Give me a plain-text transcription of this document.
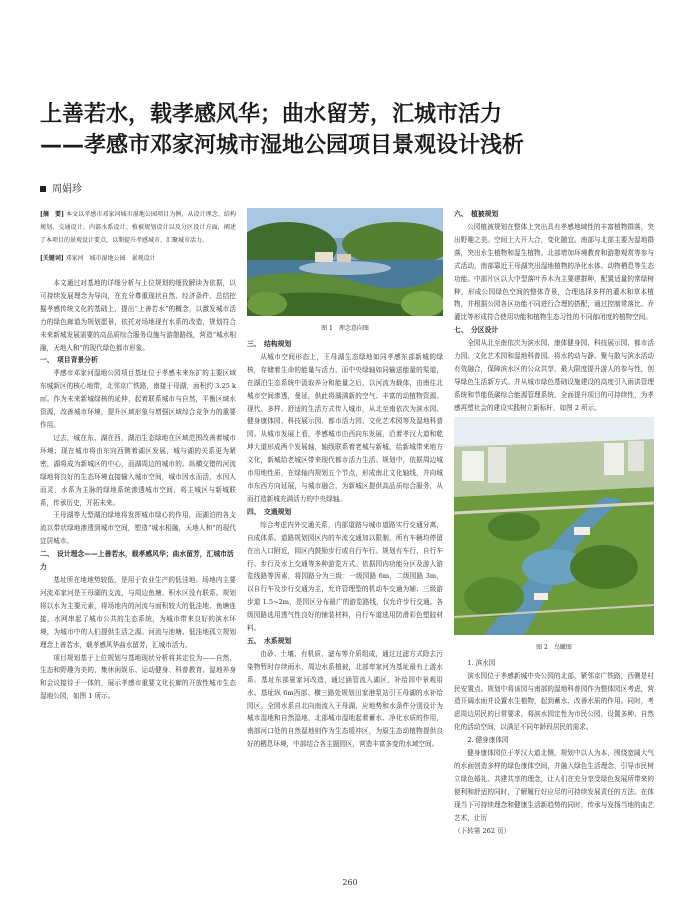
上善若水，载孝感风华；曲水留芳，汇城市活力
——孝感市邓家河城市湿地公园项目景观设计浅析
周娟珍

[摘　要] 本文以孝感市邓家河城市湿地公园项目为例，从设计理念、结构规划、交通设计、内部水系设计、植被规划设计以及分区设计方面，阐述了本项目的景观设计要点，以期提升孝感城市、汇聚城市活力。

[关键词] 邓家河　城市湿地公园　景观设计

本文通过对基地的详细分析与上位规划的细致解读为依据，以可持续发展理念为导向，在充分尊重现状自然、经济条件、总结挖掘孝感传统文化的基础上，提出“上善若水”的概念，以激发城市活力的绿色廊道为规划愿景，依托对场地现有水系的改造，规划符合未来新城发展需要的高品质综合服务设施与游憩路线，营造“城水相融，天地人和”的现代绿色都市形象。

一、　项目背景分析

孝感市邓家河湿地公园项目基址位于孝感未来东扩的主要区域东城新区的核心地带，北邻京广铁路，南接于母湖，面积约 3.25 k㎡。作为未来新城绿核的延伸，起着联系城市与自然，平衡区域水资源，改善城市环境，提升区域形象与增强区域综合竞争力的重要作用。

过去，城在东、湖在西，湖泊生态绿地在区域范围改善着城市环境；现在城市将由东向西侧着湖区发展，城与湖的关系更为紧密，湖将成为新城区的中心，而湖周边的城市的。纵横交错的河流绿地将良好的生态环境直接输入城市空间，城市因水而活，水因人而灵，水系为主脉的绿地系统渗透城市空间，将主城区与新城联系，传承历史，开拓未来。

王母湖等大型湖泊绿地将发挥城市绿心的作用，而湖泊的各支流以带状绿地渗透到城市空间，塑造“城水相融，天地人和”的现代宜居城市。

二、　设计理念——上善若水，载孝感风华；曲水留芳，汇城市活力

基址所在地地势较低，是用于农业生产的低洼地。场地内主要河流邓家河是王母湖的支流，与周边鱼塘、积水区没有联系。规划将以水为主要元素，将场地内的河流与面积较大的低洼地、鱼塘连接，水网串起了城市公共的生态系统，为城市带来良好的滨水环境，为城市中的人们提供生活之源。河流与池塘、低洼地孤立规划理念上善若水，载孝感风华曲水留芳，汇城市活力。

项目规划基于上位规划与基地现状分析将其定位为——自然、生态和野趣为美的，集休闲娱乐、运动健身、科普教育、湿地养身和会议接待于一体的，展示孝感市重要文化长廊的开放性城市生态湿地公园，如图 1 所示。

图 1　理念意向图
三、　结构规划

从城市空间形态上，王母湖生态绿地如同孝感东部新城的绿核，存储着生命的能量与活力，而中央绿轴如同输送能量的渠道，在湖泊生态系统中汲取养分和能量之后，以河流为载体，由南往北城市空间渗透，曼延，供此将湖满新的空气、丰富的动植物资源、现代、多样、舒适的生活方式传入城市，从北至南依次为滨水园、健身康体园、科技展示园、都市活力园、文化艺术园等及湿地科普园。从城市发展上看，孝感城市由西向东发展，沿着孝汉大道和乾坤大道形成两个发展轴，轴线联系着老城与新城，给新城带来地方文化，新城给老城区带来现代都市活力生活。规划中，依据周边城市用地性质，在绿轴内规划五个节点，形成南北文化轴线，并向城市东西方向延展，与城市融合，为新城区提供高品质综合服务，从而打造新城充满活力的中央绿轴。

四、　交通规划

综合考虑内外交通关系，内部道路与城市道路实行交通分离，自成体系。道路规划园区内的车流交通加以限制，所有车辆均停留在出入口附近，园区内鼓励步行或自行车行。规划有车行、自行车行、步行及水上交通等多种游览方式。依据园内功能分区及游人游览线路等因素，将园路分为三级：一级园路 6m，二级园路 3m，以自行车及步行交通为主，允许管理型的机动车交通为辅；三级游步道 1.5~2m，是园区分布最广的游览路线，仅允许步行交通。各级园路选用透气性良好的铺装材料，自行车道选用防滑彩色塑胶材料。

五、　水系规划

由砂、土壤、有机质、滤布等介质组成，通过过滤方式除去污染物暂时存续雨水，周边水系植被，北部卑家河为基址最有上游水系。基址东部夏家河改造，通过涵管流入湖区，补给园中景观用水。基址纵 6m西部、横三路处规划田家港泵站引王母湖的水补给园区。全园水系自北向南流入王母湖，应地势和水条件分别设计为城市湿地和自然湿地，北部城市湿地起着蓄水、净化水质的作用，南部河口处的自然湿地则作为生态缓冲区，为原生态动植物提供良好的栖息环境，中部结合各主题园区，营造丰富多变的水域空间。

六、　植被规划

公园植被规划在整体上突出具有孝感地域性的丰富植物群落，突出野趣之美。空间上大开大合，变化随宜。南部与北部主要为湿地群落，突出水生植物和湿生植物。北部增加环境教育和游憩观赏等参与式活动，南部靠近王母湖突出湿地植物的净化水体、动物栖息等生态功能。中部片区以大中型落叶乔木为主要建群种，配置适量的常绿树种，形成公园绿色空间的整体背景，合理选择多样的灌木和草本植物，并根据公园各区功能不同进行合理的搭配，通过控制常落比、乔灌比等形成符合使用功能和植物生态习性的不同郁闭度的植物空间。

七、　分区设计

全园从北至南依次为滨水园、康体健身园、科技展示园、都市活力园、文化艺术园和湿地科普园。将水的动与静、聚与散与滨水活动有效融合，保障滨水区的公众共享，最大限度提升游人的参与性，创导绿色生活新方式。并从城市绿色基础设施建设的高度引入雨洪管理系统和节能低碳综合能源管理系统，全面提升项目的可持续性，为孝感再塑社会的建设实践树立新标杆，如图 2 所示。

图 2　鸟瞰图
1. 滨水园

滨水园位于孝感新城中央公园的北部，紧邻京广铁路，西侧是村民安置点。规划中将该园与南部的湿地科普园作为整体园区考虑，营造开阔水面并设置水生植物，起到蓄水、改善水质的作用。同时，考虑周边居民的日常要求，将滨水园定性为市民公园，设置多种、自然化的活动空间，以满足不同年龄段居民的需求。

2. 健身康体园

健身康体园位于孝汉大道北侧，规划中以人为本，围绕宽阔大气的水面创造多样的绿色康体空间，并融入绿色生活理念，引导市民树立绿色婚礼、共建共享的理念，让人们在充分享受绿色发展所带来的便利和舒适的同时，了解履行好应尽的可持续发展责任的方法。在体现当下可持续理念和健康生活新趋势的同时，传承与发扬当地的曲艺艺术，让历

（下转第 262 页）

260
